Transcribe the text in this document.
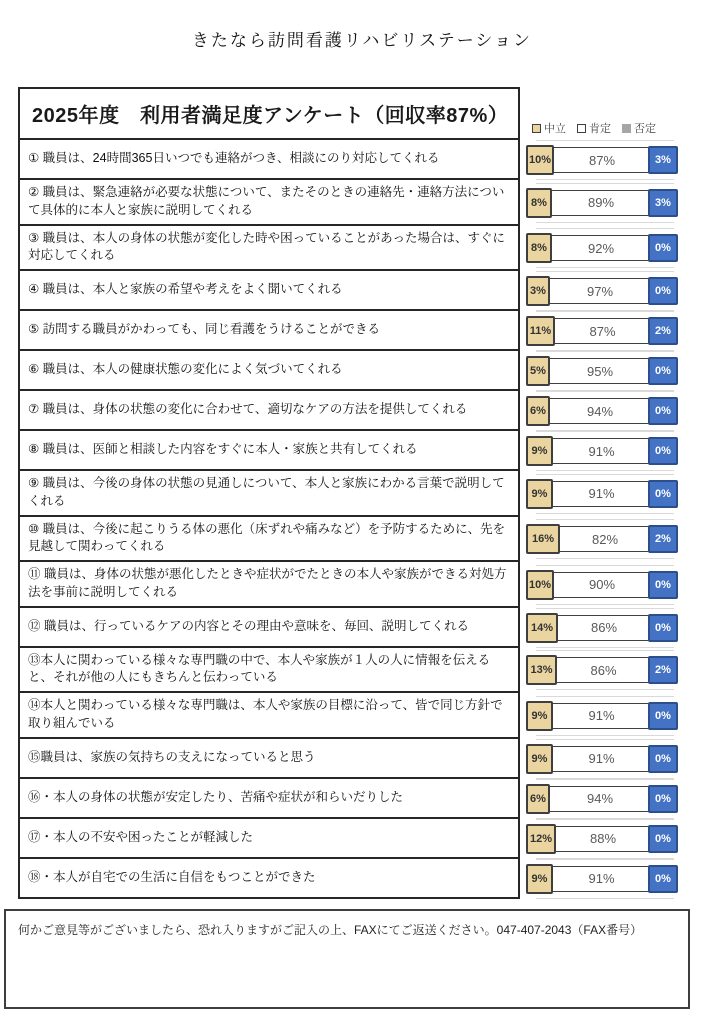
きたなら訪問看護リハビリステーション
2025年度　利用者満足度アンケート（回収率87%）
中立 肯定 否定
① 職員は、24時間365日いつでも連絡がつき、相談にのり対応してくれる	10%	87%	3%
② 職員は、緊急連絡が必要な状態について、またそのときの連絡先・連絡方法について具体的に本人と家族に説明してくれる	8%	89%	3%
③ 職員は、本人の身体の状態が変化した時や困っていることがあった場合は、すぐに対応してくれる	8%	92%	0%
④ 職員は、本人と家族の希望や考えをよく聞いてくれる	3%	97%	0%
⑤ 訪問する職員がかわっても、同じ看護をうけることができる	11%	87%	2%
⑥ 職員は、本人の健康状態の変化によく気づいてくれる	5%	95%	0%
⑦ 職員は、身体の状態の変化に合わせて、適切なケアの方法を提供してくれる	6%	94%	0%
⑧ 職員は、医師と相談した内容をすぐに本人・家族と共有してくれる	9%	91%	0%
⑨ 職員は、今後の身体の状態の見通しについて、本人と家族にわかる言葉で説明してくれる	9%	91%	0%
⑩ 職員は、今後に起こりうる体の悪化（床ずれや痛みなど）を予防するために、先を見越して関わってくれる	16%	82%	2%
⑪ 職員は、身体の状態が悪化したときや症状がでたときの本人や家族ができる対処方法を事前に説明してくれる	10%	90%	0%
⑫ 職員は、行っているケアの内容とその理由や意味を、毎回、説明してくれる	14%	86%	0%
⑬本人に関わっている様々な専門職の中で、本人や家族が１人の人に情報を伝えると、それが他の人にもきちんと伝わっている	13%	86%	2%
⑭本人と関わっている様々な専門職は、本人や家族の目標に沿って、皆で同じ方針で取り組んでいる	9%	91%	0%
⑮職員は、家族の気持ちの支えになっていると思う	9%	91%	0%
⑯・本人の身体の状態が安定したり、苦痛や症状が和らいだりした	6%	94%	0%
⑰・本人の不安や困ったことが軽減した	12%	88%	0%
⑱・本人が自宅での生活に自信をもつことができた	9%	91%	0%
何かご意見等がございましたら、恐れ入りますがご記入の上、FAXにてご返送ください。047-407-2043（FAX番号）
